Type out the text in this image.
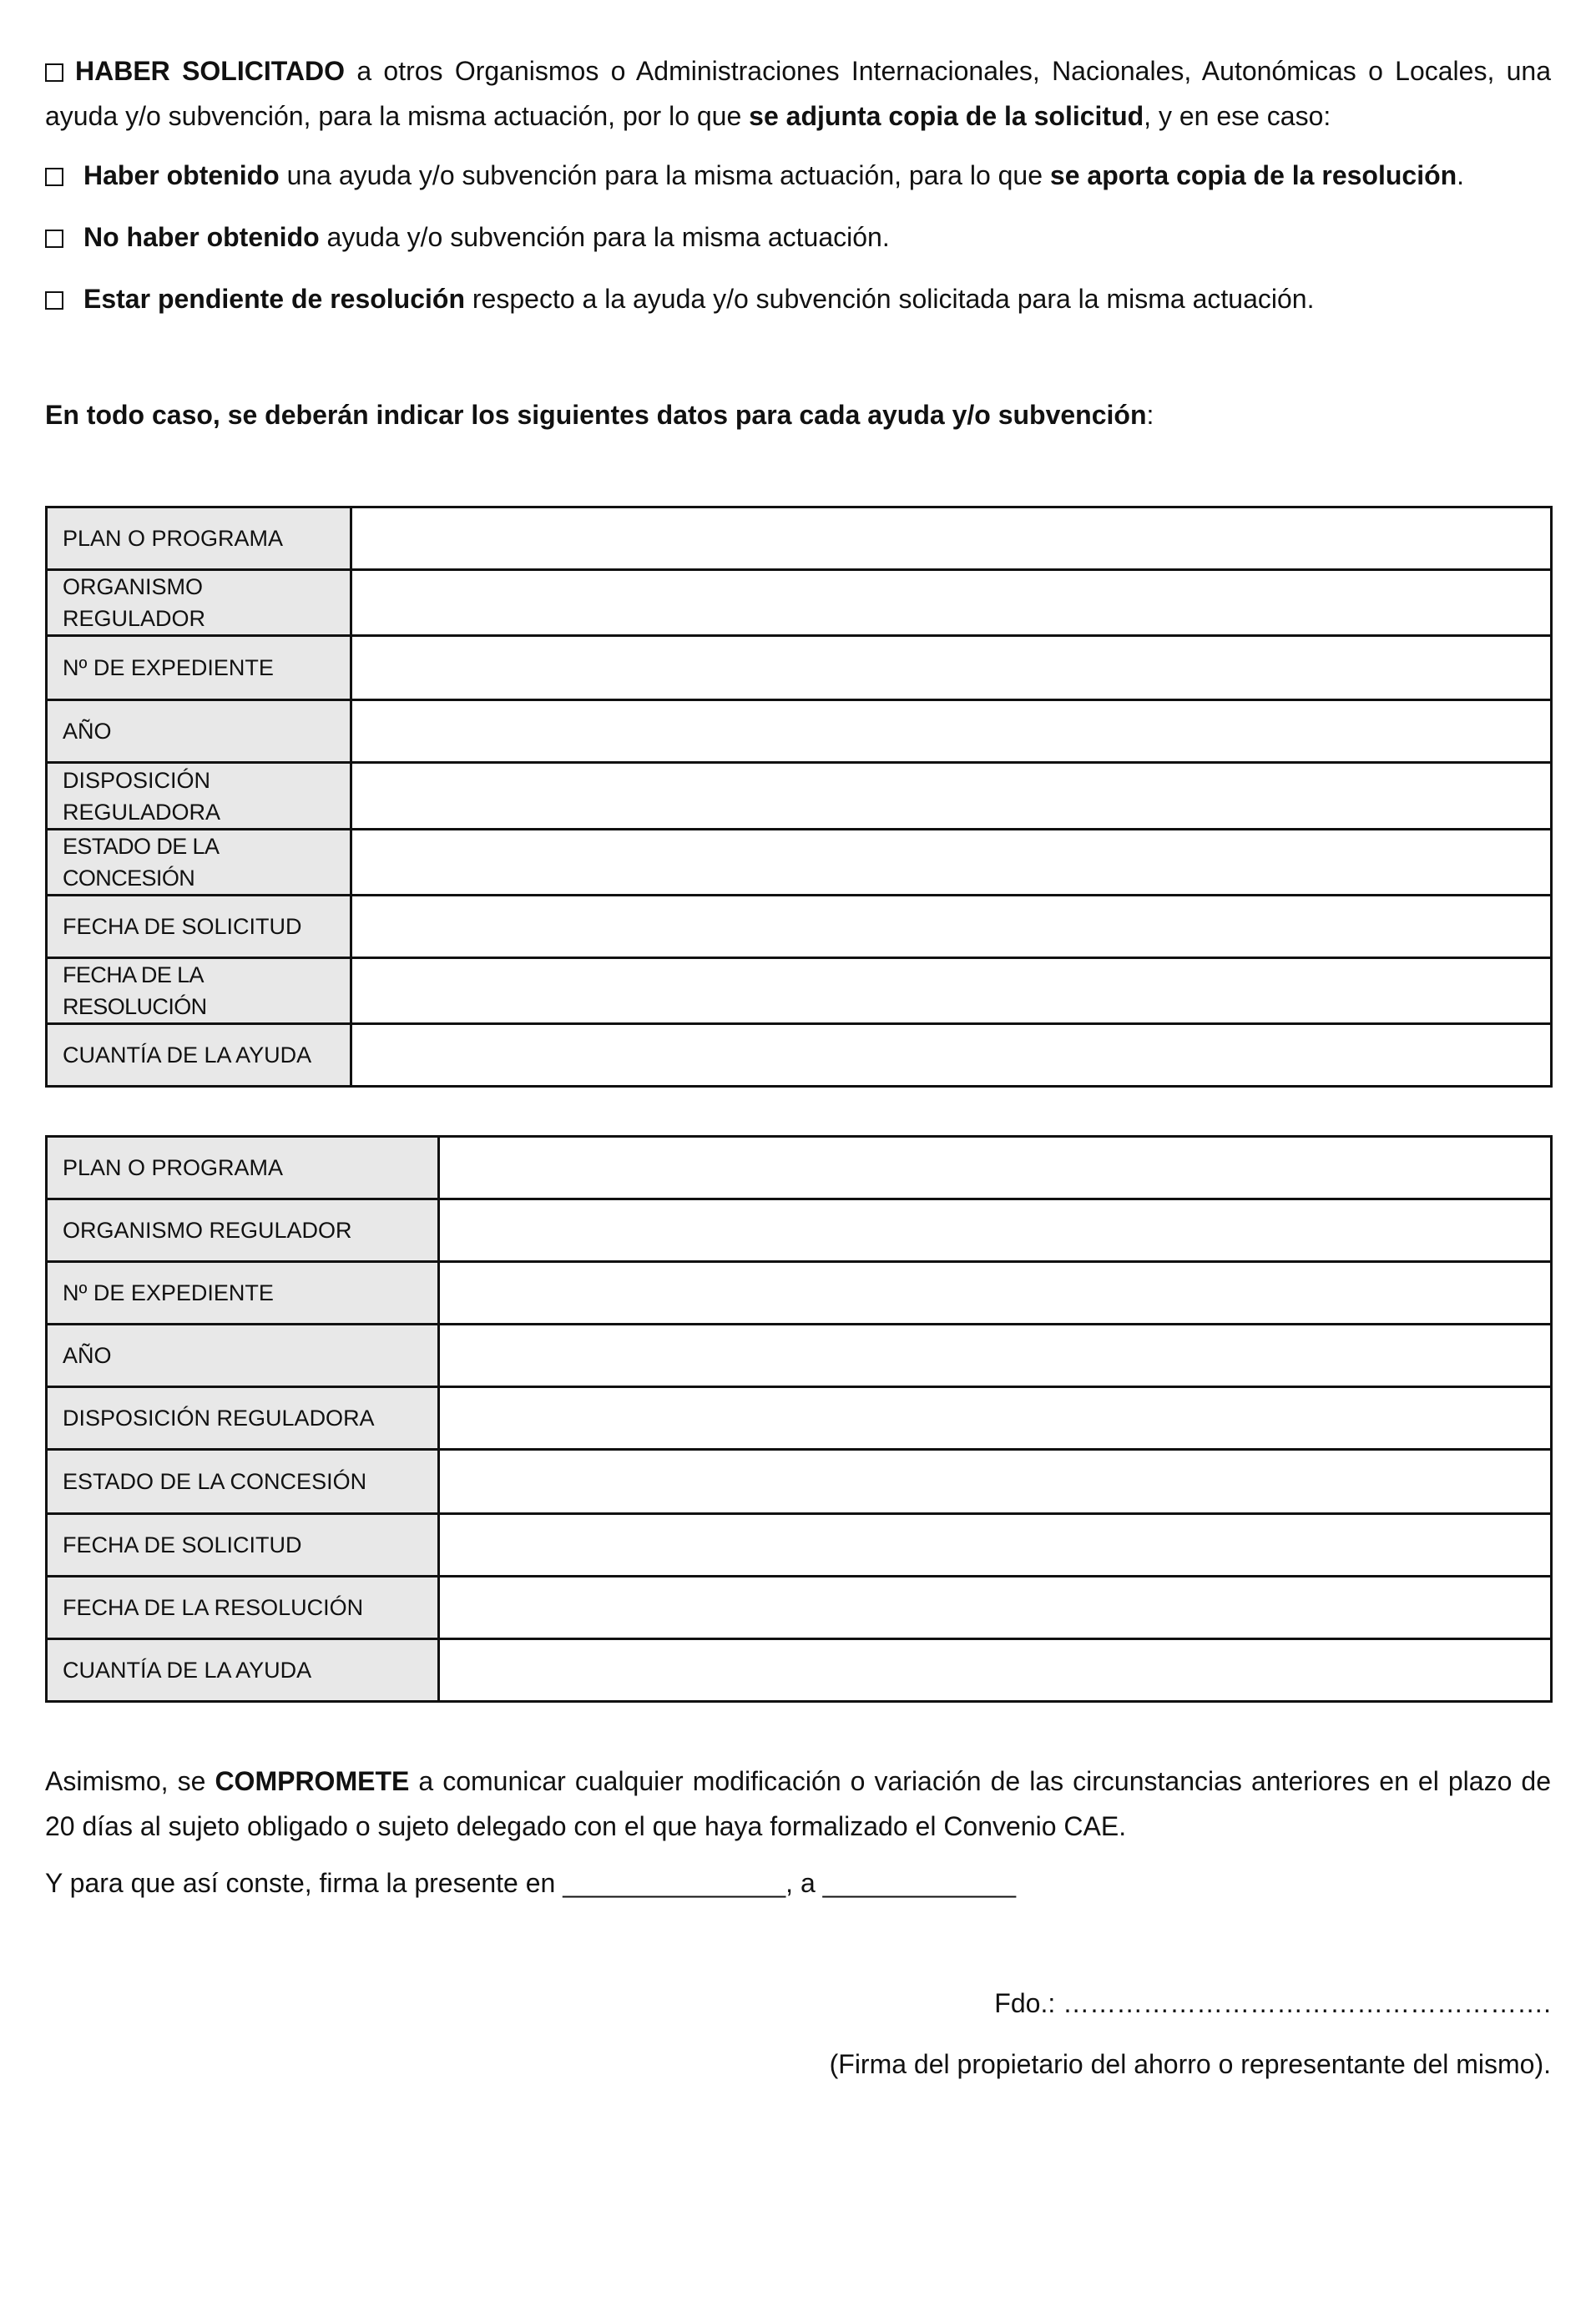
HABER SOLICITADO a otros Organismos o Administraciones Internacionales, Nacionales, Autonómicas o Locales, una ayuda y/o subvención, para la misma actuación, por lo que se adjunta copia de la solicitud, y en ese caso:
Haber obtenido una ayuda y/o subvención para la misma actuación, para lo que se aporta copia de la resolución.
No haber obtenido ayuda y/o subvención para la misma actuación.
Estar pendiente de resolución respecto a la ayuda y/o subvención solicitada para la misma actuación.
En todo caso, se deberán indicar los siguientes datos para cada ayuda y/o subvención:
PLAN O PROGRAMA	
ORGANISMO REGULADOR	
Nº DE EXPEDIENTE	
AÑO	
DISPOSICIÓN REGULADORA	
ESTADO DE LA CONCESIÓN	
FECHA DE SOLICITUD	
FECHA DE LA RESOLUCIÓN	
CUANTÍA DE LA AYUDA	
PLAN O PROGRAMA	
ORGANISMO REGULADOR	
Nº DE EXPEDIENTE	
AÑO	
DISPOSICIÓN REGULADORA	
ESTADO DE LA CONCESIÓN	
FECHA DE SOLICITUD	
FECHA DE LA RESOLUCIÓN	
CUANTÍA DE LA AYUDA	
Asimismo, se COMPROMETE a comunicar cualquier modificación o variación de las circunstancias anteriores en el plazo de 20 días al sujeto obligado o sujeto delegado con el que haya formalizado el Convenio CAE.
Y para que así conste, firma la presente en _______________, a _____________
Fdo.: ……………………………………………….
(Firma del propietario del ahorro o representante del mismo).
